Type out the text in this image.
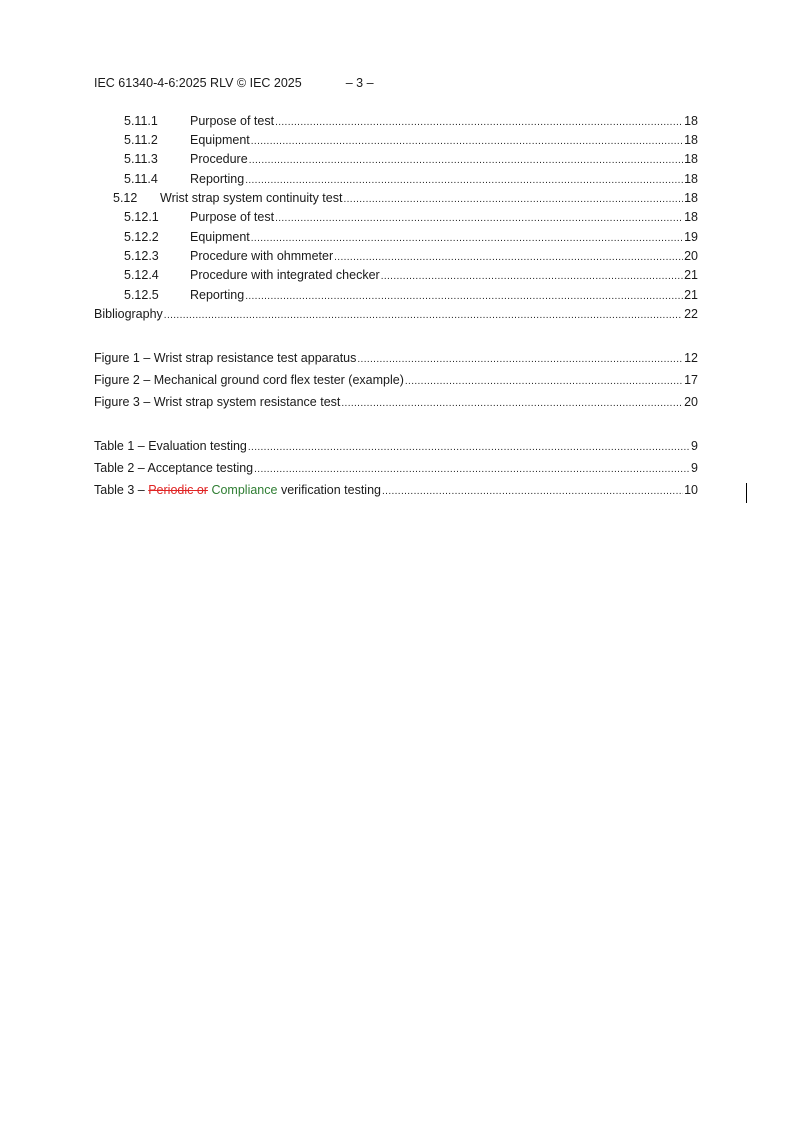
IEC 61340-4-6:2025 RLV © IEC 2025	– 3 –
5.11.1	Purpose of test . . .	18
5.11.2	Equipment . . .	18
5.11.3	Procedure . . .	18
5.11.4	Reporting . . .	18
5.12	Wrist strap system continuity test . . .	18
5.12.1	Purpose of test . . .	18
5.12.2	Equipment . . .	19
5.12.3	Procedure with ohmmeter . . .	20
5.12.4	Procedure with integrated checker . . .	21
5.12.5	Reporting . . .	21
Bibliography . . .	22
Figure 1 – Wrist strap resistance test apparatus . . .	12
Figure 2 – Mechanical ground cord flex tester (example) . . .	17
Figure 3 – Wrist strap system resistance test . . .	20
Table 1 – Evaluation testing . . .	9
Table 2 – Acceptance testing . . .	9
Table 3 – Periodic or Compliance verification testing . . .	10
